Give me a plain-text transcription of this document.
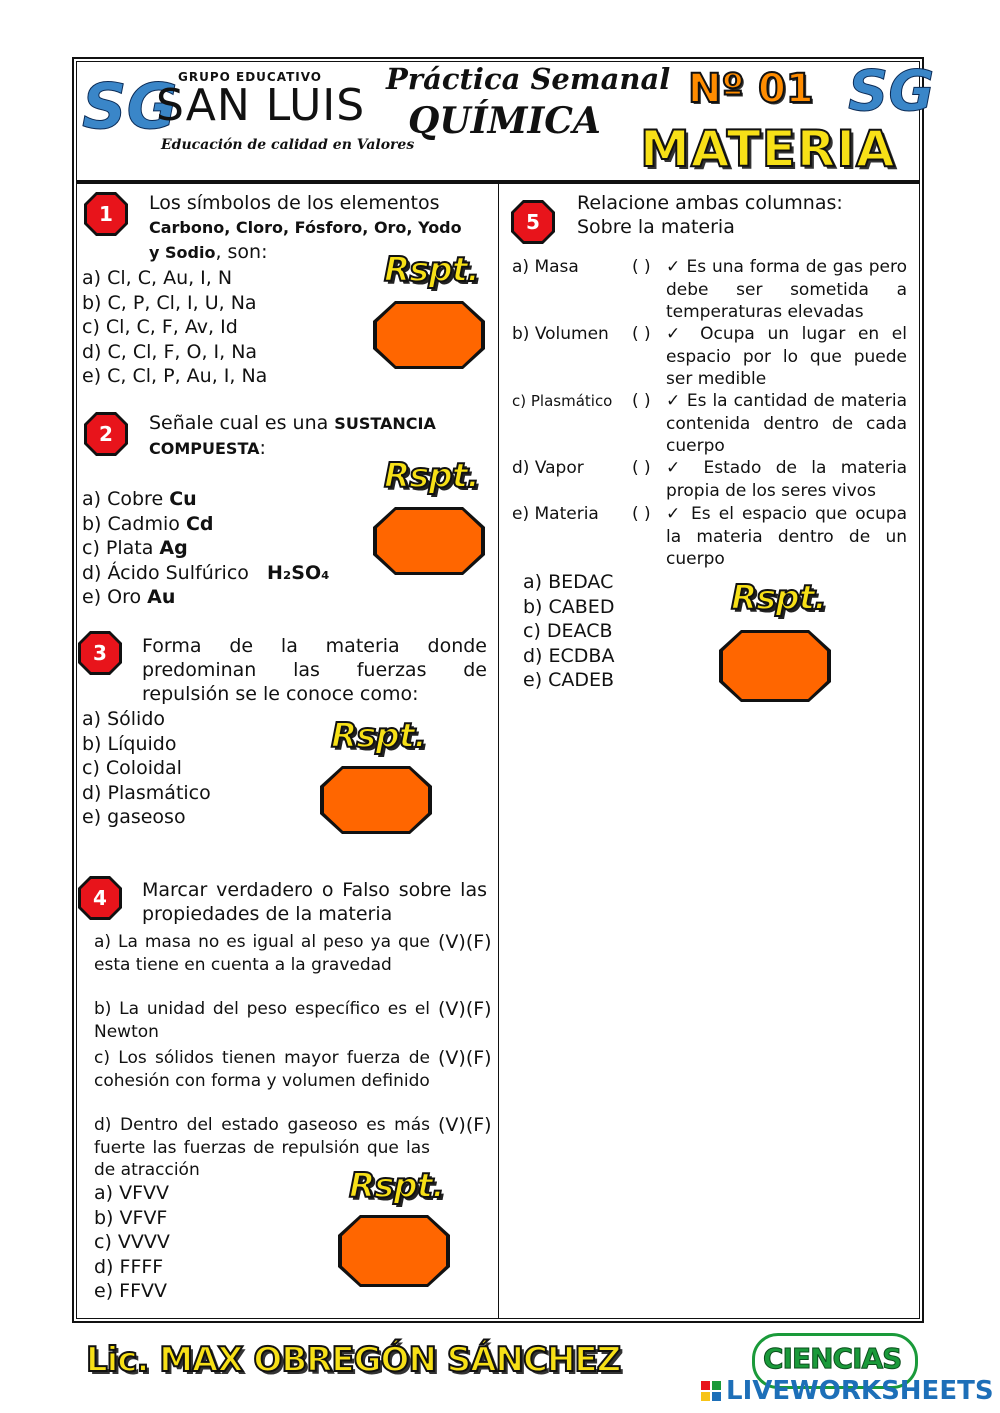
SG GRUPO EDUCATIVO
SAN LUIS
Educación de calidad en Valores
Práctica Semanal
QUÍMICA
Nº 01 SG
MATERIA
1 Los símbolos de los elementos
Carbono, Cloro, Fósforo, Oro, Yodo
y Sodio, son:
a) Cl, C, Au, I, N
b) C, P, Cl, I, U, Na
c) Cl, C, F, Av, Id
d) C, Cl, F, O, I, Na
e) C, Cl, P, Au, I, Na
Rspt.
2 Señale cual es una SUSTANCIA
COMPUESTA:
a) Cobre Cu
b) Cadmio Cd
c) Plata Ag
d) Ácido Sulfúrico H₂SO₄
e) Oro Au
Rspt.
3 Forma de la materia donde predominan las fuerzas de repulsión se le conoce como:
a) Sólido
b) Líquido
c) Coloidal
d) Plasmático
e) gaseoso
Rspt.
4 Marcar verdadero o Falso sobre las propiedades de la materia
a) La masa no es igual al peso ya que esta tiene en cuenta a la gravedad
(V)(F)
b) La unidad del peso específico es el Newton
(V)(F)
c) Los sólidos tienen mayor fuerza de cohesión con forma y volumen definido
(V)(F)
d) Dentro del estado gaseoso es más fuerte las fuerzas de repulsión que las de atracción
(V)(F)
a) VFVV
b) VFVF
c) VVVV
d) FFFF
e) FFVV
Rspt.
5
Relacione ambas columnas:
Sobre la materia
a) Masa	( ) ✓ Es una forma de gas pero debe ser sometida a temperaturas elevadas
b) Volumen ( ) ✓ Ocupa un lugar en el espacio por lo que puede ser medible
c) Plasmático ( ) ✓ Es la cantidad de materia contenida dentro de cada cuerpo
d) Vapor	( ) ✓ Estado de la materia propia de los seres vivos
e) Materia ( ) ✓ Es el espacio que ocupa la materia dentro de un cuerpo
a) BEDAC
b) CABED
c) DEACB
d) ECDBA
e) CADEB
Rspt.
Lic. MAX OBREGÓN SÁNCHEZ	CIENCIAS
LIVEWORKSHEETS
